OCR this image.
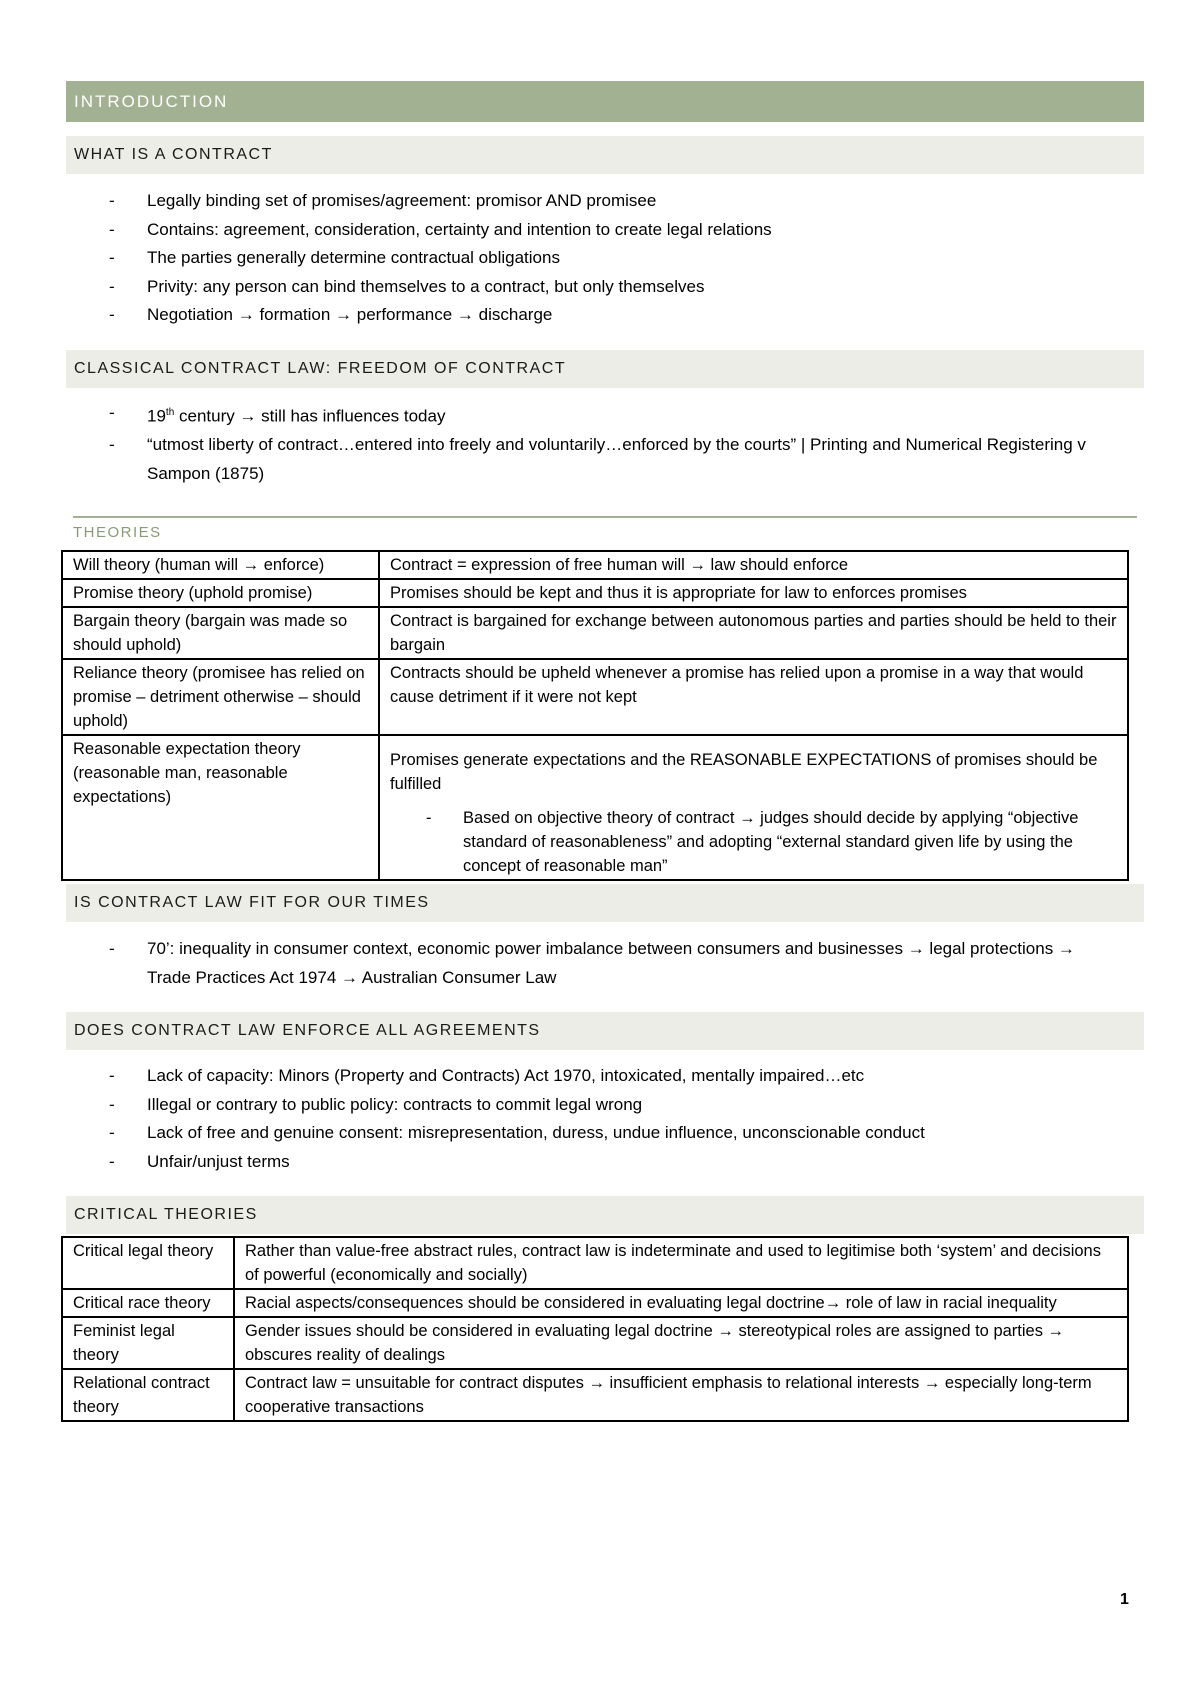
INTRODUCTION
WHAT IS A CONTRACT
- Legally binding set of promises/agreement: promisor AND promisee
- Contains: agreement, consideration, certainty and intention to create legal relations
- The parties generally determine contractual obligations
- Privity: any person can bind themselves to a contract, but only themselves
- Negotiation → formation → performance → discharge
CLASSICAL CONTRACT LAW: FREEDOM OF CONTRACT
- 19th century → still has influences today
- “utmost liberty of contract…entered into freely and voluntarily…enforced by the courts” | Printing and Numerical Registering v Sampon (1875)
THEORIES
Will theory (human will → enforce)	Contract = expression of free human will → law should enforce
Promise theory (uphold promise)	Promises should be kept and thus it is appropriate for law to enforces promises
Bargain theory (bargain was made so should uphold)	Contract is bargained for exchange between autonomous parties and parties should be held to their bargain
Reliance theory (promisee has relied on promise – detriment otherwise – should uphold)	Contracts should be upheld whenever a promise has relied upon a promise in a way that would cause detriment if it were not kept
Reasonable expectation theory (reasonable man, reasonable expectations)	Promises generate expectations and the REASONABLE EXPECTATIONS of promises should be fulfilled
- Based on objective theory of contract → judges should decide by applying “objective standard of reasonableness” and adopting “external standard given life by using the concept of reasonable man”
IS CONTRACT LAW FIT FOR OUR TIMES
- 70’: inequality in consumer context, economic power imbalance between consumers and businesses → legal protections → Trade Practices Act 1974 → Australian Consumer Law
DOES CONTRACT LAW ENFORCE ALL AGREEMENTS
- Lack of capacity: Minors (Property and Contracts) Act 1970, intoxicated, mentally impaired…etc
- Illegal or contrary to public policy: contracts to commit legal wrong
- Lack of free and genuine consent: misrepresentation, duress, undue influence, unconscionable conduct
- Unfair/unjust terms
CRITICAL THEORIES
Critical legal theory	Rather than value-free abstract rules, contract law is indeterminate and used to legitimise both ‘system’ and decisions of powerful (economically and socially)
Critical race theory	Racial aspects/consequences should be considered in evaluating legal doctrine→ role of law in racial inequality
Feminist legal theory	Gender issues should be considered in evaluating legal doctrine → stereotypical roles are assigned to parties → obscures reality of dealings
Relational contract theory	Contract law = unsuitable for contract disputes → insufficient emphasis to relational interests → especially long-term cooperative transactions
1
